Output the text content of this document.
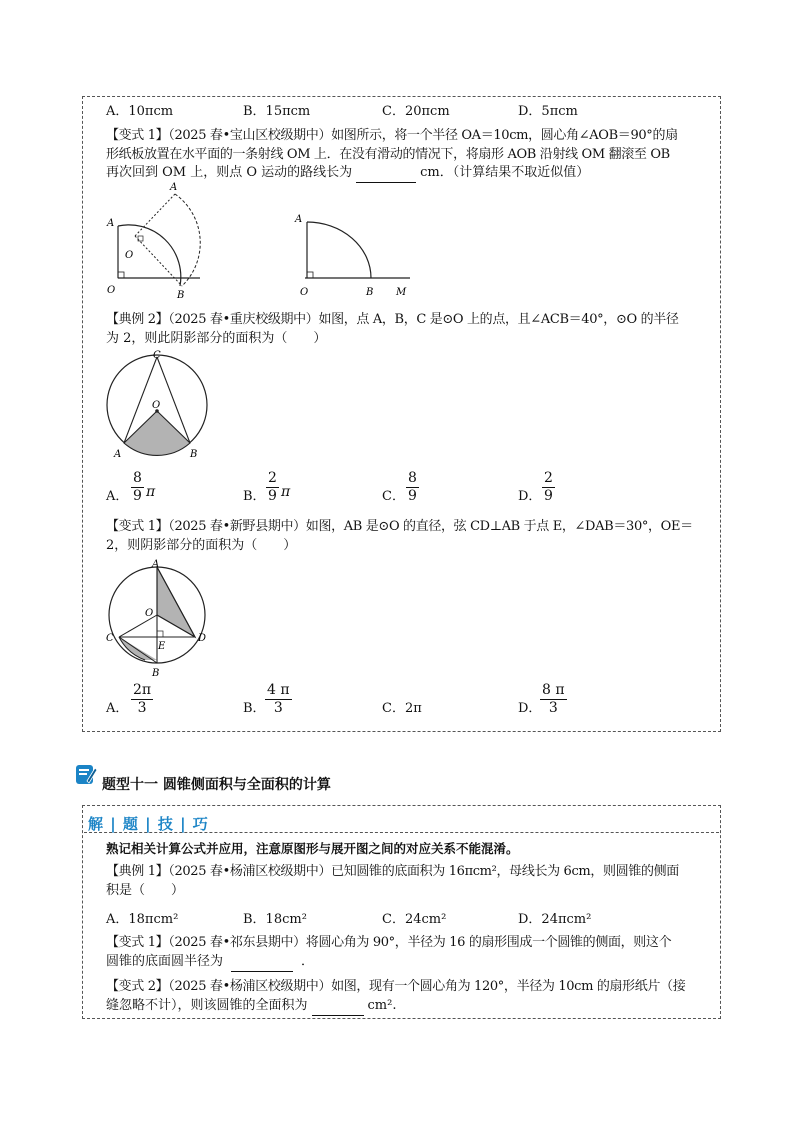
A．10πcm	B．15πcm	C．20πcm	D．5πcm
【变式 1】（2025 春•宝山区校级期中）如图所示，将一个半径 OA＝10cm，圆心角∠AOB＝90°的扇
形纸板放置在水平面的一条射线 OM 上．在没有滑动的情况下，将扇形 AOB 沿射线 OM 翻滚至 OB
再次回到 OM 上，则点 O 运动的路线长为	cm．（计算结果不取近似值）
A
A
O
O	B
A
O	B M
【典例 2】（2025 春•重庆校级期中）如图，点 A，B，C 是⊙O 上的点，且∠ACB＝40°，⊙O 的半径
为 2，则此阴影部分的面积为（　　）
C
O
A	B
A． $\frac{8}{9}$ π	B． $\frac{2}{9}$ π	C． $\frac{8}{9}$	D． $\frac{2}{9}$
【变式 1】（2025 春•新野县期中）如图，AB 是⊙O 的直径，弦 CD⊥AB 于点 E，∠DAB＝30°，OE＝
2，则阴影部分的面积为（　　）
A
O
C	D
E
B
A． $\frac{2\pi}{3}$	B． $\frac{4 \pi}{3}$	C．2π	D．
$\frac{8 \pi}{3}$
题型十一 圆锥侧面积与全面积的计算
解 | 题 | 技 | 巧
熟记相关计算公式并应用，注意原图形与展开图之间的对应关系不能混淆。
【典例 1】（2025 春•杨浦区校级期中）已知圆锥的底面积为 16πcm²，母线长为 6cm，则圆锥的侧面
积是（　　）
A．18πcm²	B．18cm²	C．24cm²	D．24πcm²
【变式 1】（2025 春•祁东县期中）将圆心角为 90°，半径为 16 的扇形围成一个圆锥的侧面，则这个
圆锥的底面圆半径为	．
【变式 2】（2025 春•杨浦区校级期中）如图，现有一个圆心角为 120°，半径为 10cm 的扇形纸片（接
缝忽略不计），则该圆锥的全面积为	cm².
